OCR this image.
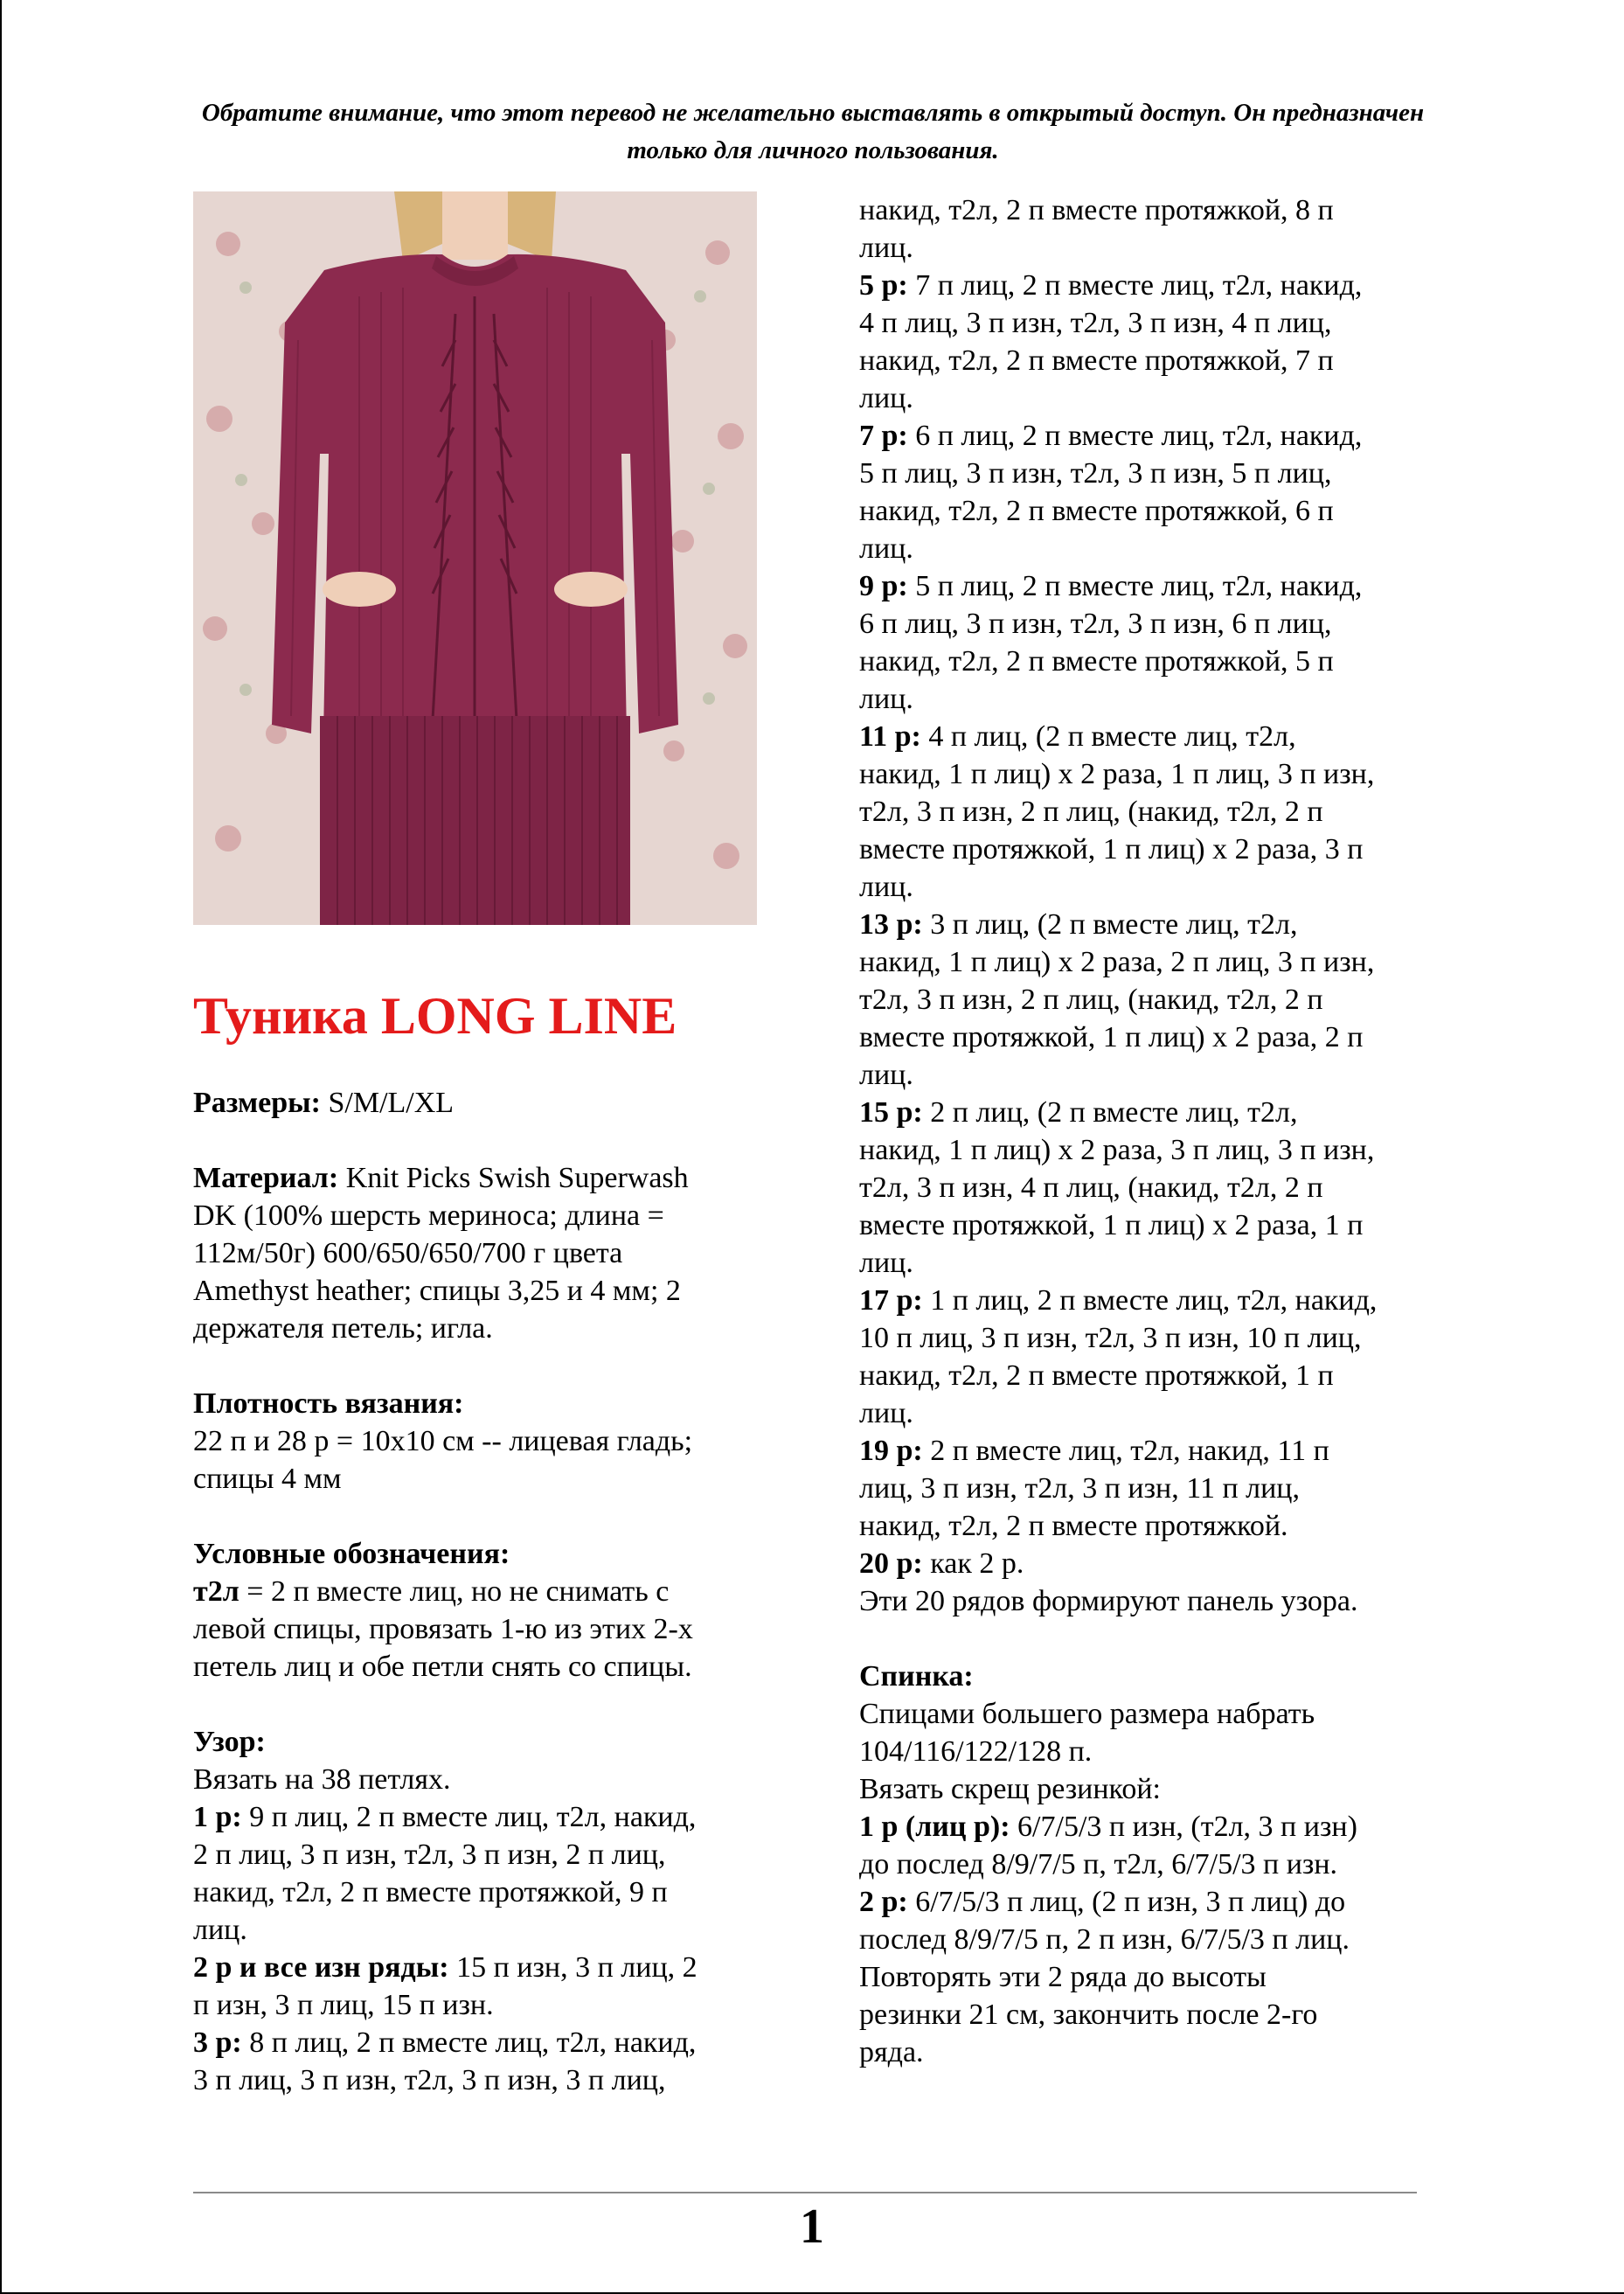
Обратите внимание, что этот перевод не желательно выставлять в открытый доступ. Он предназначен только для личного пользования.
Туника LONG LINE

Размеры: S/M/L/XL

Материал: Knit Picks Swish Superwash

DK (100% шерсть мериноса; длина =

112м/50г) 600/650/650/700 г цвета

Amethyst heather; спицы 3,25 и 4 мм; 2

держателя петель; игла.

Плотность вязания:

22 п и 28 р = 10х10 см -- лицевая гладь;

спицы 4 мм

Условные обозначения:

т2л = 2 п вместе лиц, но не снимать с

левой спицы, провязать 1-ю из этих 2-х

петель лиц и обе петли снять со спицы.

Узор:

Вязать на 38 петлях.

1 р: 9 п лиц, 2 п вместе лиц, т2л, накид,

2 п лиц, 3 п изн, т2л, 3 п изн, 2 п лиц,

накид, т2л, 2 п вместе протяжкой, 9 п

лиц.

2 р и все изн ряды: 15 п изн, 3 п лиц, 2

п изн, 3 п лиц, 15 п изн.

3 р: 8 п лиц, 2 п вместе лиц, т2л, накид,

3 п лиц, 3 п изн, т2л, 3 п изн, 3 п лиц,

накид, т2л, 2 п вместе протяжкой, 8 п

лиц.

5 р: 7 п лиц, 2 п вместе лиц, т2л, накид,

4 п лиц, 3 п изн, т2л, 3 п изн, 4 п лиц,

накид, т2л, 2 п вместе протяжкой, 7 п

лиц.

7 р: 6 п лиц, 2 п вместе лиц, т2л, накид,

5 п лиц, 3 п изн, т2л, 3 п изн, 5 п лиц,

накид, т2л, 2 п вместе протяжкой, 6 п

лиц.

9 р: 5 п лиц, 2 п вместе лиц, т2л, накид,

6 п лиц, 3 п изн, т2л, 3 п изн, 6 п лиц,

накид, т2л, 2 п вместе протяжкой, 5 п

лиц.

11 р: 4 п лиц, (2 п вместе лиц, т2л,

накид, 1 п лиц) х 2 раза, 1 п лиц, 3 п изн,

т2л, 3 п изн, 2 п лиц, (накид, т2л, 2 п

вместе протяжкой, 1 п лиц) х 2 раза, 3 п

лиц.

13 р: 3 п лиц, (2 п вместе лиц, т2л,

накид, 1 п лиц) х 2 раза, 2 п лиц, 3 п изн,

т2л, 3 п изн, 2 п лиц, (накид, т2л, 2 п

вместе протяжкой, 1 п лиц) х 2 раза, 2 п

лиц.

15 р: 2 п лиц, (2 п вместе лиц, т2л,

накид, 1 п лиц) х 2 раза, 3 п лиц, 3 п изн,

т2л, 3 п изн, 4 п лиц, (накид, т2л, 2 п

вместе протяжкой, 1 п лиц) х 2 раза, 1 п

лиц.

17 р: 1 п лиц, 2 п вместе лиц, т2л, накид,

10 п лиц, 3 п изн, т2л, 3 п изн, 10 п лиц,

накид, т2л, 2 п вместе протяжкой, 1 п

лиц.

19 р: 2 п вместе лиц, т2л, накид, 11 п

лиц, 3 п изн, т2л, 3 п изн, 11 п лиц,

накид, т2л, 2 п вместе протяжкой.

20 р: как 2 р.

Эти 20 рядов формируют панель узора.

Спинка:

Спицами большего размера набрать

104/116/122/128 п.

Вязать скрещ резинкой:

1 р (лиц р): 6/7/5/3 п изн, (т2л, 3 п изн)

до послед 8/9/7/5 п, т2л, 6/7/5/3 п изн.

2 р: 6/7/5/3 п лиц, (2 п изн, 3 п лиц) до

послед 8/9/7/5 п, 2 п изн, 6/7/5/3 п лиц.

Повторять эти 2 ряда до высоты

резинки 21 см, закончить после 2-го

ряда.

1
